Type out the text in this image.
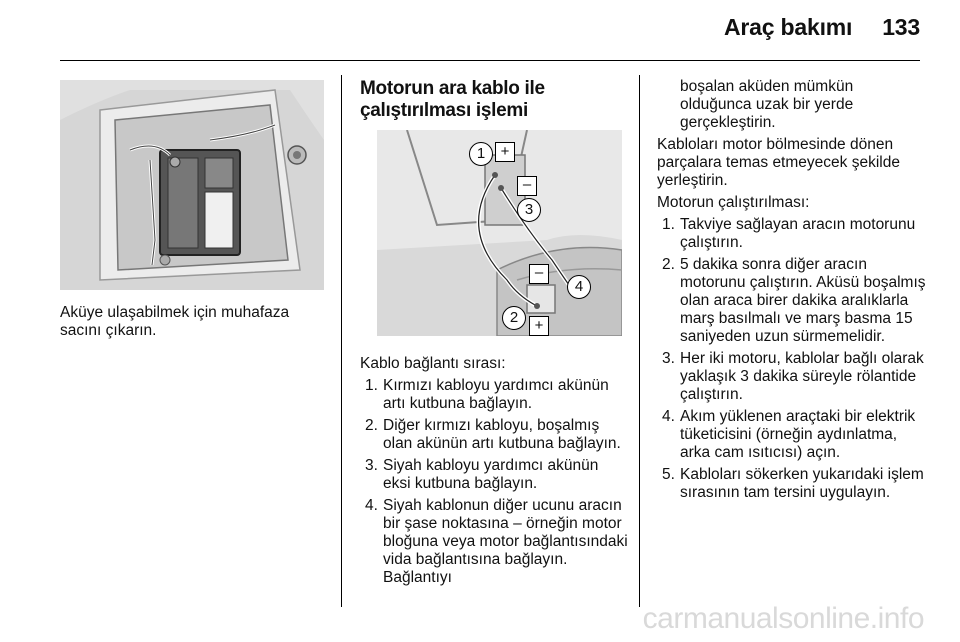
Araç bakımı 133

Aküye ulaşabilmek için muhafaza sacını çıkarın.

Motorun ara kablo ile
çalıştırılması işlemi
1	+
–
3
–
4
2	+

Kablo bağlantı sırası:

1. Kırmızı kabloyu yardımcı akünün artı kutbuna bağlayın.
2. Diğer kırmızı kabloyu, boşalmış olan akünün artı kutbuna bağlayın.
3. Siyah kabloyu yardımcı akünün eksi kutbuna bağlayın.
4. Siyah kablonun diğer ucunu aracın bir şase noktasına – örneğin motor bloğuna veya motor bağlantısındaki vida bağlantısına bağlayın. Bağlantıyı

boşalan aküden mümkün olduğunca uzak bir yerde gerçekleştirin.

Kabloları motor bölmesinde dönen parçalara temas etmeyecek şekilde yerleştirin.

Motorun çalıştırılması:

1. Takviye sağlayan aracın motorunu çalıştırın.
2. 5 dakika sonra diğer aracın motorunu çalıştırın. Aküsü boşalmış olan araca birer dakika aralıklarla marş basılmalı ve marş basma 15 saniyeden uzun sürmemelidir.
3. Her iki motoru, kablolar bağlı olarak yaklaşık 3 dakika süreyle rölantide çalıştırın.
4. Akım yüklenen araçtaki bir elektrik tüketicisini (örneğin aydınlatma, arka cam ısıtıcısı) açın.
5. Kabloları sökerken yukarıdaki işlem sırasının tam tersini uygulayın.
carmanualsonline.info
